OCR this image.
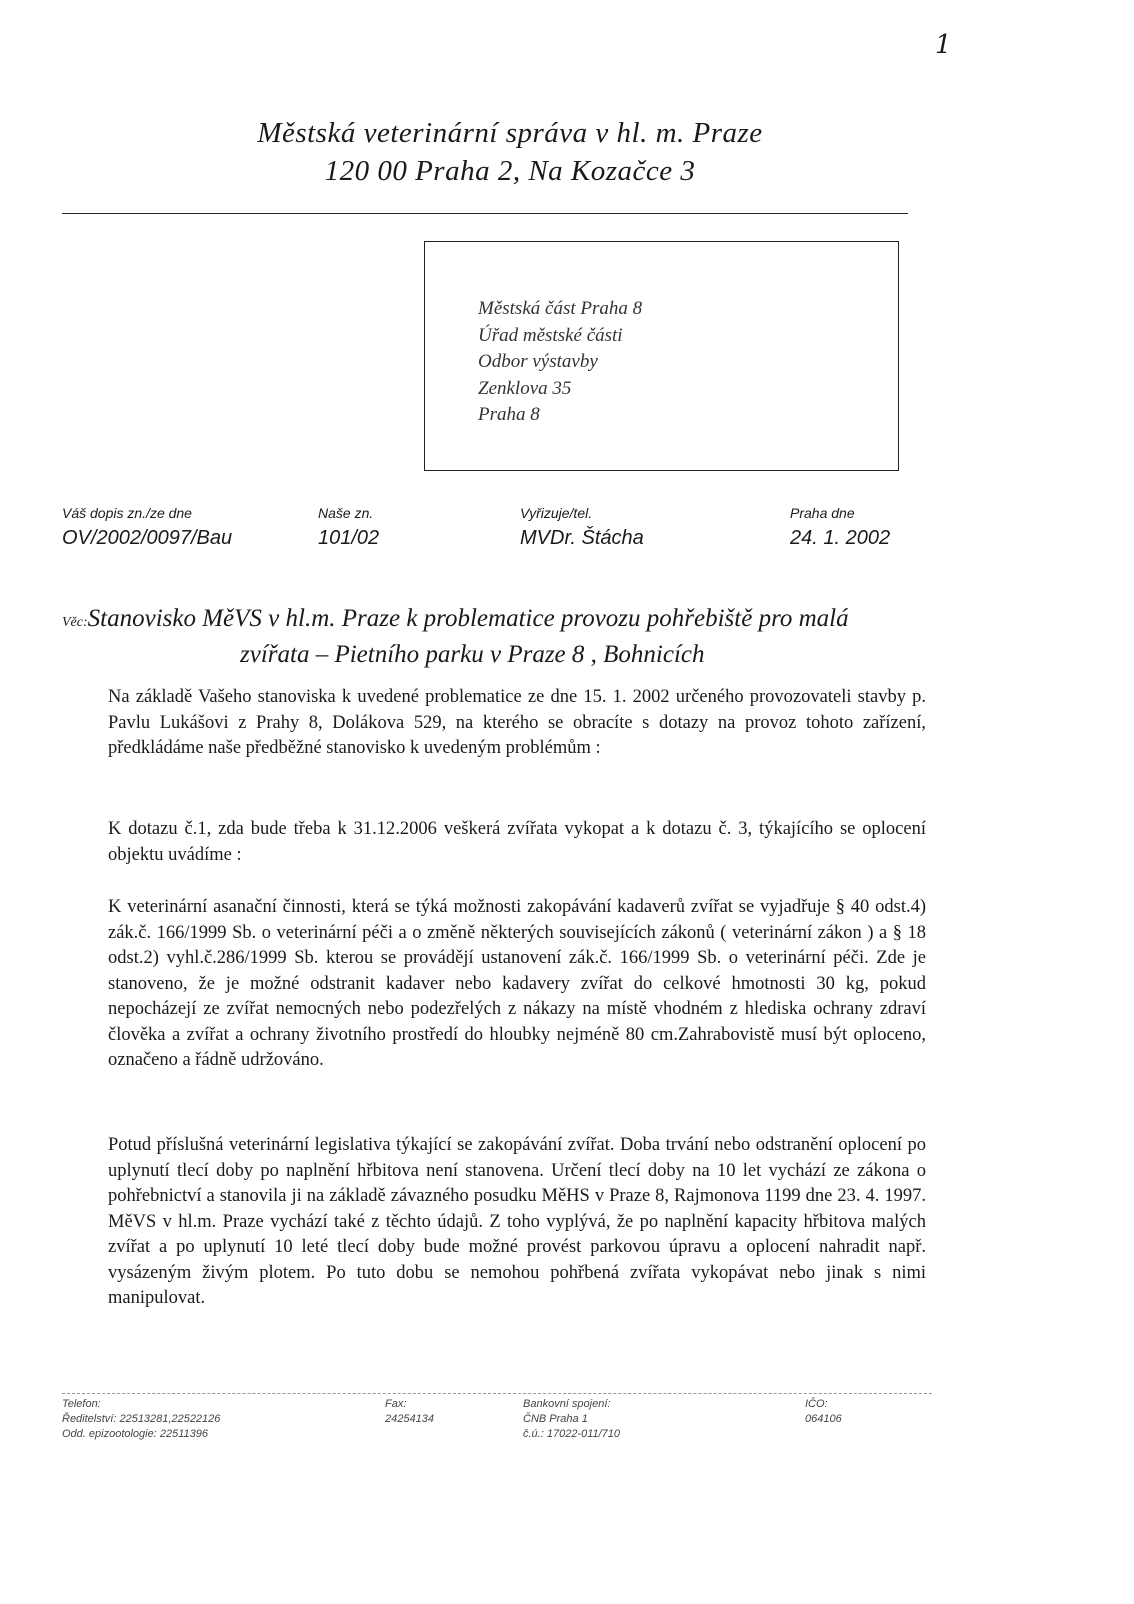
1
Městská veterinární správa v hl. m. Praze
120 00 Praha 2, Na Kozačce 3
Městská část Praha 8
Úřad městské části
Odbor výstavby
Zenklova 35
Praha 8
Váš dopis zn./ze dne
OV/2002/0097/Bau
Naše zn.
101/02
Vyřizuje/tel.
MVDr. Štácha
Praha dne
24. 1. 2002
Věc:Stanovisko MěVS v hl.m. Praze k problematice provozu pohřebiště pro malá
zvířata – Pietního parku v Praze 8 , Bohnicích
Na základě Vašeho stanoviska k uvedené problematice ze dne 15. 1. 2002 určeného provozovateli stavby p. Pavlu Lukášovi z Prahy 8, Dolákova 529, na kterého se obracíte s dotazy na provoz tohoto zařízení, předkládáme naše předběžné stanovisko k uvedeným problémům :
K dotazu č.1, zda bude třeba k 31.12.2006 veškerá zvířata vykopat a k dotazu č. 3, týkajícího se oplocení objektu uvádíme :
K veterinární asanační činnosti, která se týká možnosti zakopávání kadaverů zvířat se vyjadřuje § 40 odst.4) zák.č. 166/1999 Sb. o veterinární péči a o změně některých souvisejících zákonů ( veterinární zákon ) a § 18 odst.2) vyhl.č.286/1999 Sb. kterou se provádějí ustanovení zák.č. 166/1999 Sb. o veterinární péči. Zde je stanoveno, že je možné odstranit kadaver nebo kadavery zvířat do celkové hmotnosti 30 kg, pokud nepocházejí ze zvířat nemocných nebo podezřelých z nákazy na místě vhodném z hlediska ochrany zdraví člověka a zvířat a ochrany životního prostředí do hloubky nejméně 80 cm.Zahrabovistě musí být oploceno, označeno a řádně udržováno.
Potud příslušná veterinární legislativa týkající se zakopávání zvířat. Doba trvání nebo odstranění oplocení po uplynutí tlecí doby po naplnění hřbitova není stanovena. Určení tlecí doby na 10 let vychází ze zákona o pohřebnictví a stanovila ji na základě závazného posudku MěHS v Praze 8, Rajmonova 1199 dne 23. 4. 1997. MěVS v hl.m. Praze vychází také z těchto údajů. Z toho vyplývá, že po naplnění kapacity hřbitova malých zvířat a po uplynutí 10 leté tlecí doby bude možné provést parkovou úpravu a oplocení nahradit např. vysázeným živým plotem. Po tuto dobu se nemohou pohřbená zvířata vykopávat nebo jinak s nimi manipulovat.
Telefon:
Ředitelství: 22513281,22522126
Odd. epizootologie: 22511396
Fax:
24254134
Bankovní spojení:
ČNB Praha 1
č.ú.: 17022-011/710
IČO:
064106
